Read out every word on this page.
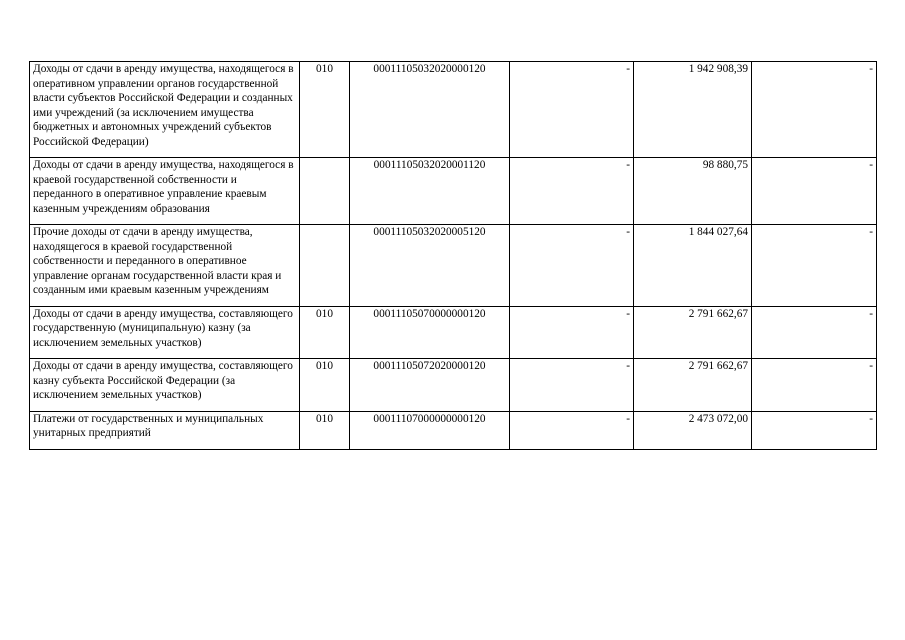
Доходы от сдачи в аренду имущества, находящегося в оперативном управлении органов государственной власти субъектов Российской Федерации и созданных ими учреждений (за исключением имущества бюджетных и автономных учреждений субъектов Российской Федерации)	010	00011105032020000120	-	1 942 908,39	-
Доходы от сдачи в аренду имущества, находящегося в краевой государственной собственности и переданного в оперативное управление краевым казенным учреждениям образования		00011105032020001120	-	98 880,75	-
Прочие доходы от сдачи в аренду имущества, находящегося в краевой государственной собственности и переданного в оперативное управление органам государственной власти края и созданным ими краевым казенным учреждениям		00011105032020005120	-	1 844 027,64	-
Доходы от сдачи в аренду имущества, составляющего государственную (муниципальную) казну (за исключением земельных участков)	010	00011105070000000120	-	2 791 662,67	-
Доходы от сдачи в аренду имущества, составляющего казну субъекта Российской Федерации (за исключением земельных участков)	010	00011105072020000120	-	2 791 662,67	-
Платежи от государственных и муниципальных унитарных предприятий	010	00011107000000000120	-	2 473 072,00	-
